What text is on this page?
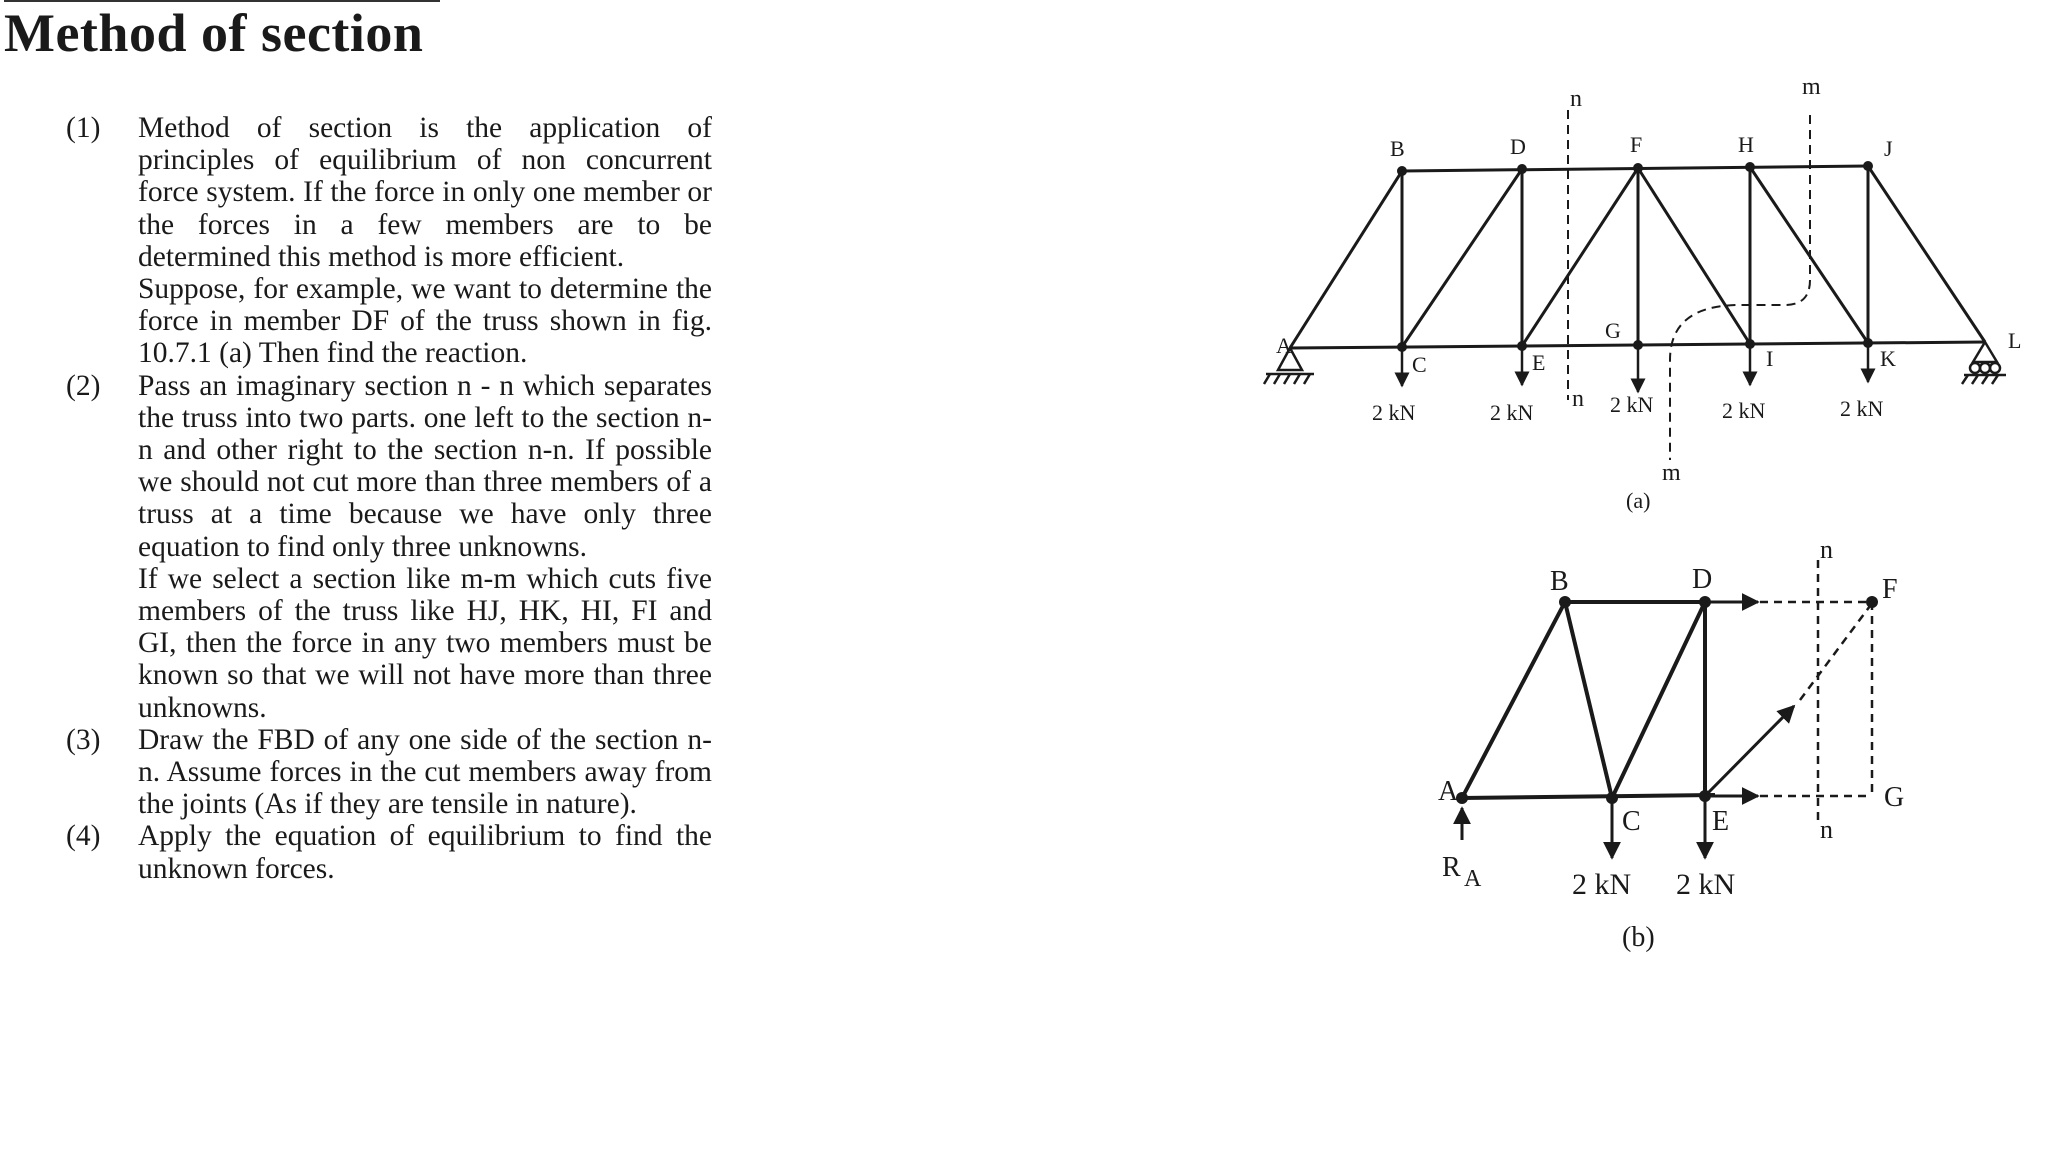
Method of section
(1) Method of section is the application of principles of equilibrium of non concurrent force system. If the force in only one member or the forces in a few members are to be determined this method is more efficient.

Suppose, for example, we want to determine the force in member DF of the truss shown in fig. 10.7.1 (a) Then find the reaction.

(2) Pass an imaginary section n - n which separates the truss into two parts. one left to the section n-n and other right to the section n-n. If possible we should not cut more than three members of a truss at a time because we have only three equation to find only three unknowns.

If we select a section like m-m which cuts five members of the truss like HJ, HK, HI, FI and GI, then the force in any two members must be known so that we will not have more than three unknowns.

(3) Draw the FBD of any one side of the section n-n. Assume forces in the cut members away from the joints (As if they are tensile in nature).

(4) Apply the equation of equilibrium to find the unknown forces.

A
B
C
D
E
F
G
H
I
J
K
L
n
n
m
m
2 kN	2 kN	2 kN	2 kN	2 kN
(a)
A
B
C
D
E
F
G
R A
n
n
2 kN 2 kN
(b)
